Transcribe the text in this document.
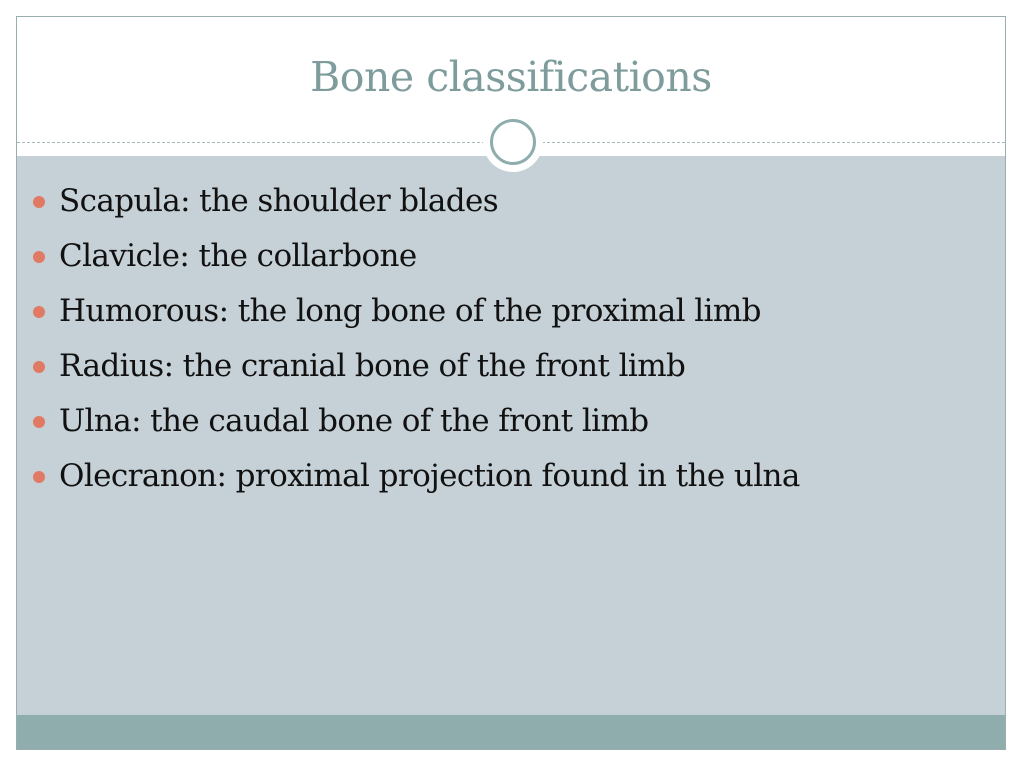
Bone classifications
Scapula: the shoulder blades
Clavicle: the collarbone
Humorous: the long bone of the proximal limb
Radius: the cranial bone of the front limb
Ulna: the caudal bone of the front limb
Olecranon: proximal projection found in the ulna
